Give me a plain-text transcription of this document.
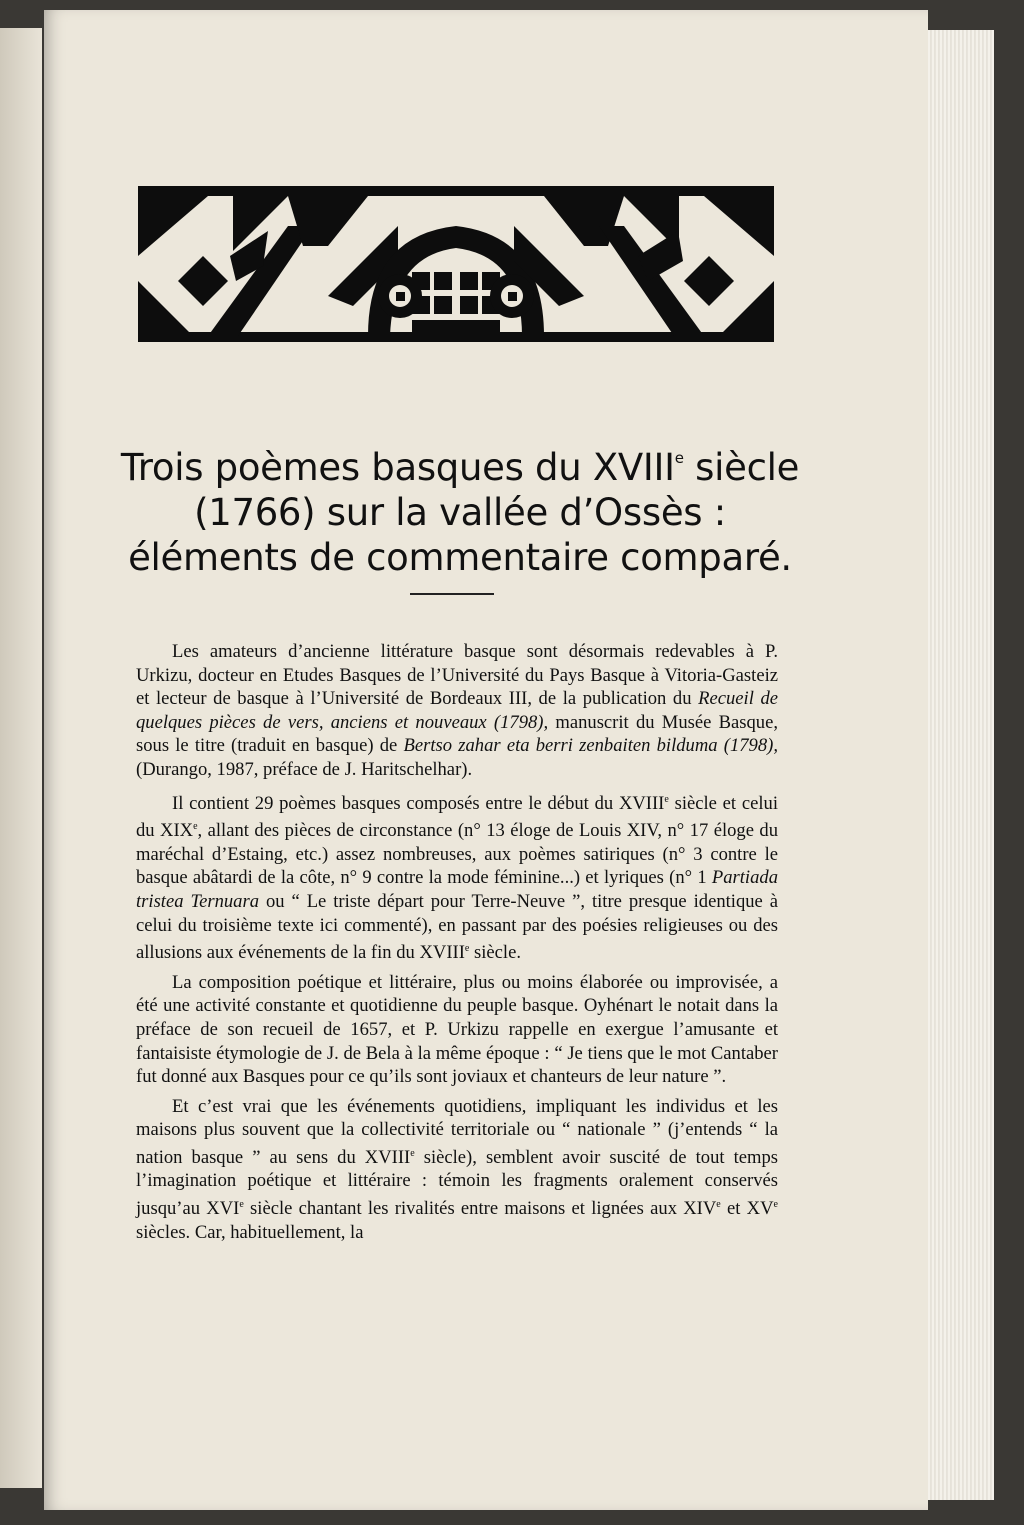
Trois poèmes basques du XVIIIe siècle
(1766) sur la vallée d’Ossès :
éléments de commentaire comparé.

Les amateurs d’ancienne littérature basque sont désormais redevables à P. Urkizu, docteur en Etudes Basques de l’Université du Pays Basque à Vitoria-Gasteiz et lecteur de basque à l’Université de Bordeaux III, de la publication du Recueil de quelques pièces de vers, anciens et nouveaux (1798), manuscrit du Musée Basque, sous le titre (traduit en basque) de Bertso zahar eta berri zenbaiten bilduma (1798), (Durango, 1987, préface de J. Haritschelhar).

Il contient 29 poèmes basques composés entre le début du XVIIIe siècle et celui du XIXe, allant des pièces de circonstance (n° 13 éloge de Louis XIV, n° 17 éloge du maréchal d’Estaing, etc.) assez nombreuses, aux poèmes satiriques (n° 3 contre le basque abâtardi de la côte, n° 9 contre la mode féminine...) et lyriques (n° 1 Partiada tristea Ternuara ou “ Le triste départ pour Terre-Neuve ”, titre presque identique à celui du troisième texte ici commenté), en passant par des poésies religieuses ou des allusions aux événements de la fin du XVIIIe siècle.

La composition poétique et littéraire, plus ou moins élaborée ou improvisée, a été une activité constante et quotidienne du peuple basque. Oyhénart le notait dans la préface de son recueil de 1657, et P. Urkizu rappelle en exergue l’amusante et fantaisiste étymologie de J. de Bela à la même époque : “ Je tiens que le mot Cantaber fut donné aux Basques pour ce qu’ils sont joviaux et chanteurs de leur nature ”.

Et c’est vrai que les événements quotidiens, impliquant les individus et les maisons plus souvent que la collectivité territoriale ou “ nationale ” (j’entends “ la nation basque ” au sens du XVIIIe siècle), semblent avoir suscité de tout temps l’imagination poétique et littéraire : témoin les fragments oralement conservés jusqu’au XVIe siècle chantant les rivalités entre maisons et lignées aux XIVe et XVe siècles. Car, habituellement, la
